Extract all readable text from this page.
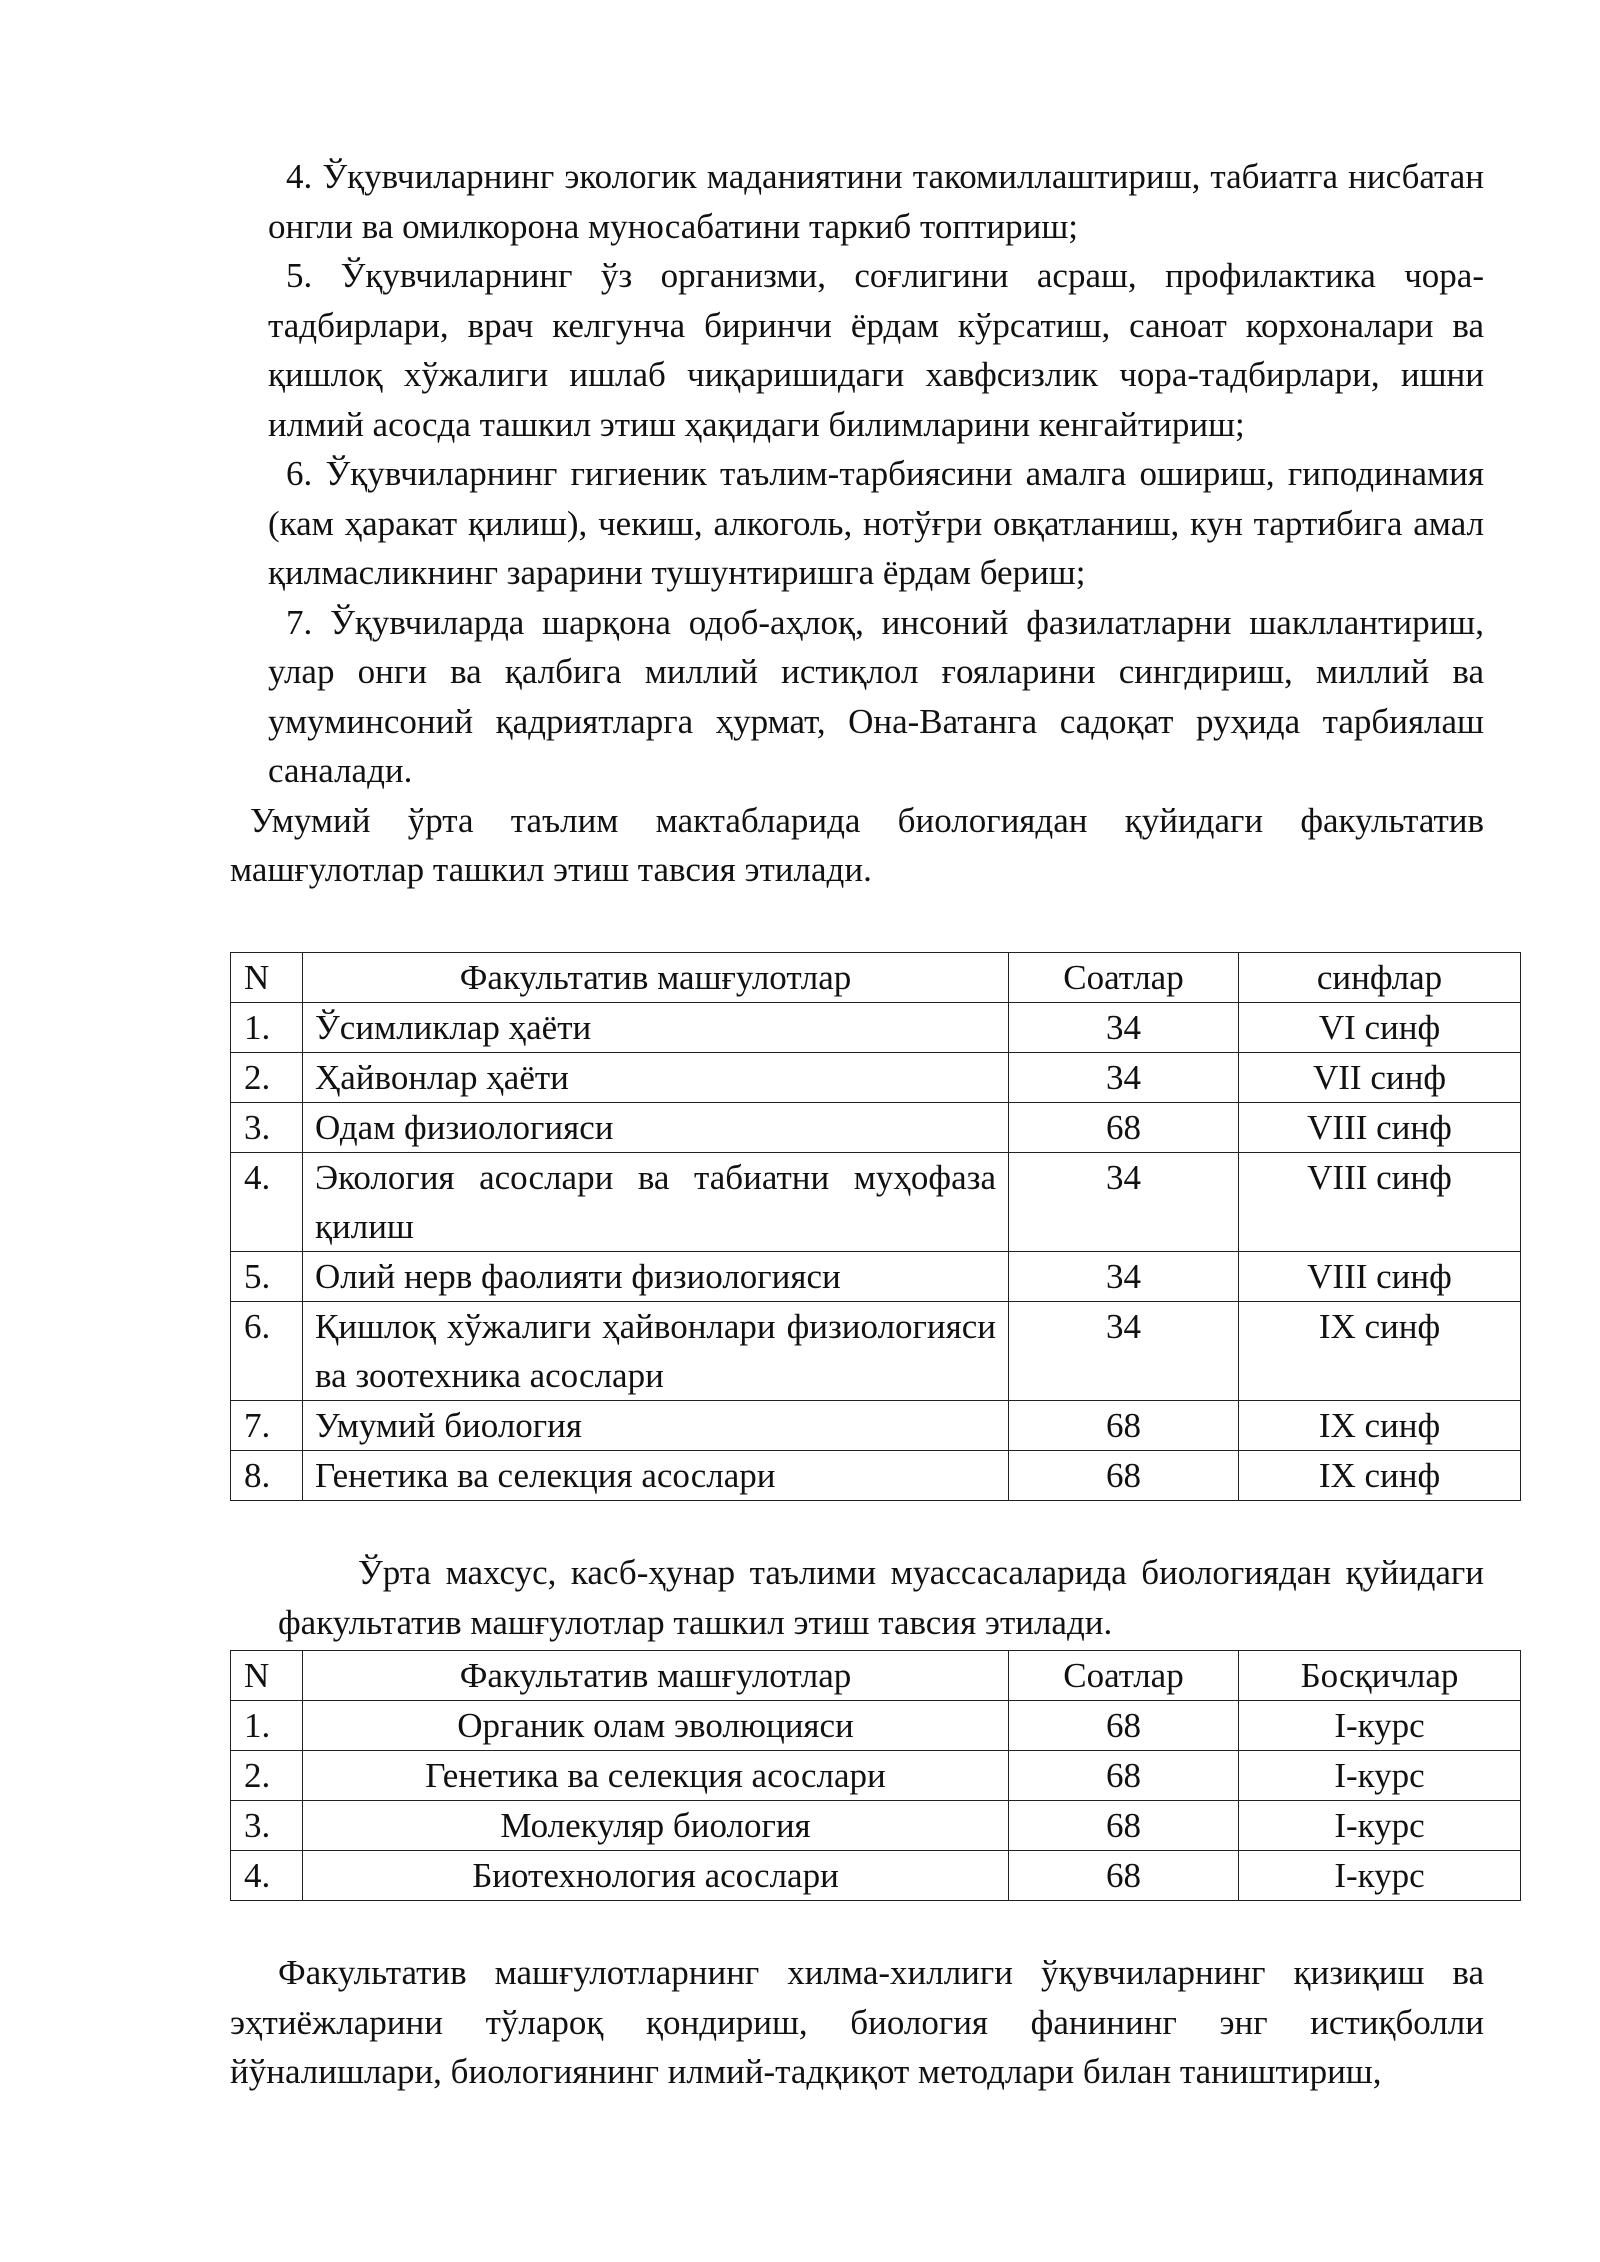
4. Ўқувчиларнинг экологик маданиятини такомиллаштириш, табиатга нисбатан онгли ва омилкорона муносабатини таркиб топтириш;

5. Ўқувчиларнинг ўз организми, соғлигини асраш, профилактика чора-тадбирлари, врач келгунча биринчи ёрдам кўрсатиш, саноат корхоналари ва қишлоқ хўжалиги ишлаб чиқаришидаги хавфсизлик чора-тадбирлари, ишни илмий асосда ташкил этиш ҳақидаги билимларини кенгайтириш;

6. Ўқувчиларнинг гигиеник таълим-тарбиясини амалга ошириш, гиподинамия (кам ҳаракат қилиш), чекиш, алкоголь, нотўғри овқатланиш, кун тартибига амал қилмасликнинг зарарини тушунтиришга ёрдам бериш;

7. Ўқувчиларда шарқона одоб-аҳлоқ, инсоний фазилатларни шакллантириш, улар онги ва қалбига миллий истиқлол ғояларини сингдириш, миллий ва умуминсоний қадриятларга ҳурмат, Она-Ватанга садоқат руҳида тарбиялаш саналади.

Умумий ўрта таълим мактабларида биологиядан қуйидаги факультатив машғулотлар ташкил этиш тавсия этилади.

N	Факультатив машғулотлар	Соатлар	синфлар
1.	Ўсимликлар ҳаёти	34	VI синф
2.	Ҳайвонлар ҳаёти	34	VII синф
3.	Одам физиологияси	68	VIII синф
4.	Экология асослари ва табиатни муҳофаза қилиш	34	VIII синф
5.	Олий нерв фаолияти физиологияси	34	VIII синф
6.	Қишлоқ хўжалиги ҳайвонлари физиологияси ва зоотехника асослари	34	IX синф
7.	Умумий биология	68	IX синф
8.	Генетика ва селекция асослари	68	IX синф

Ўрта махсус, касб-ҳунар таълими муассасаларида биологиядан қуйидаги факультатив машғулотлар ташкил этиш тавсия этилади.

N	Факультатив машғулотлар	Соатлар	Босқичлар
1.	Органик олам эволюцияси	68	I-курс
2.	Генетика ва селекция асослари	68	I-курс
3.	Молекуляр биология	68	I-курс
4.	Биотехнология асослари	68	I-курс

Факультатив машғулотларнинг хилма-хиллиги ўқувчиларнинг қизиқиш ва эҳтиёжларини тўларoқ қондириш, биология фанининг энг истиқболли йўналишлари, биологиянинг илмий-тадқиқот методлари билан таништириш,
